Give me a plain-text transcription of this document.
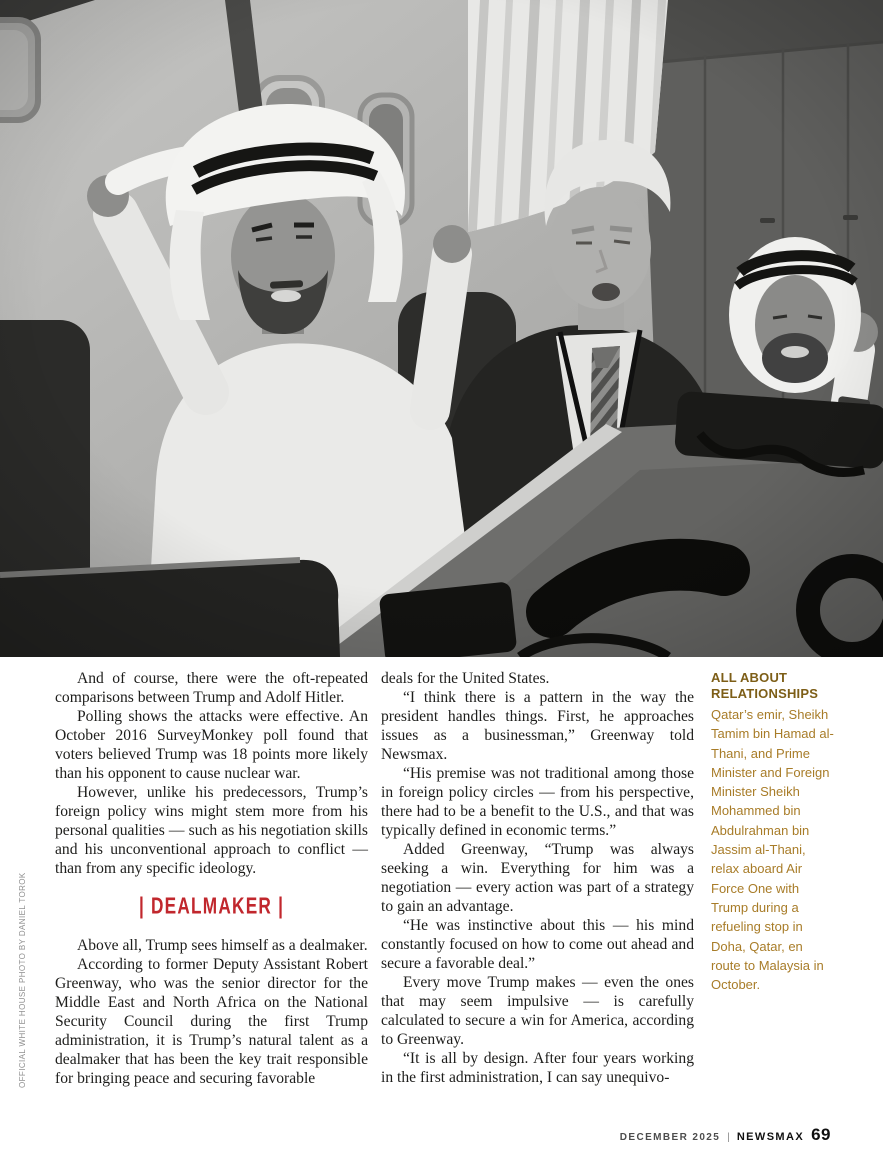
And of course, there were the oft-repeated comparisons between Trump and Adolf Hitler.

Polling shows the attacks were effective. An October 2016 SurveyMonkey poll found that voters believed Trump was 18 points more likely than his opponent to cause nuclear war.

However, unlike his predecessors, Trump’s foreign policy wins might stem more from his personal qualities — such as his negotiation skills and his unconventional approach to conflict — than from any specific ideology.

| DEALMAKER |

Above all, Trump sees himself as a dealmaker.

According to former Deputy Assistant Robert Greenway, who was the senior director for the Middle East and North Africa on the National Security Council during the first Trump administration, it is Trump’s natural talent as a dealmaker that has been the key trait responsible for bringing peace and securing favorable

deals for the United States.

“I think there is a pattern in the way the president handles things. First, he approaches issues as a businessman,” Greenway told Newsmax.

“His premise was not traditional among those in foreign policy circles — from his perspective, there had to be a benefit to the U.S., and that was typically defined in economic terms.”

Added Greenway, “Trump was always seeking a win. Everything for him was a negotiation — every action was part of a strategy to gain an advantage.

“He was instinctive about this — his mind constantly focused on how to come out ahead and secure a favorable deal.”

Every move Trump makes — even the ones that may seem impulsive — is carefully calculated to secure a win for America, according to Greenway.

“It is all by design. After four years working in the first administration, I can say unequivo-

ALL ABOUT RELATIONSHIPS

Qatar’s emir, Sheikh Tamim bin Hamad al-Thani, and Prime Minister and Foreign Minister Sheikh Mohammed bin Abdulrahman bin Jassim al-Thani, relax aboard Air Force One with Trump during a refueling stop in Doha, Qatar, en route to Malaysia in October.

OFFICIAL WHITE HOUSE PHOTO BY DANIEL TOROK
DECEMBER 2025 | NEWSMAX 69
